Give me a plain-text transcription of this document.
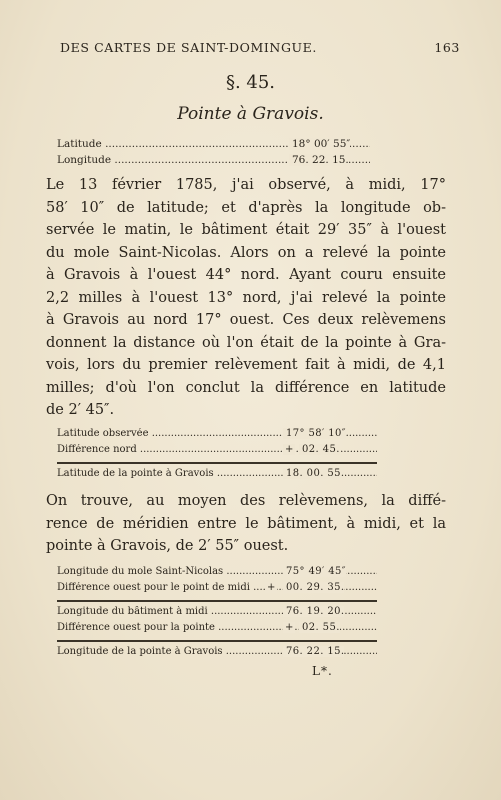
DES CARTES DE SAINT-DOMINGUE.	163
§. 45.
Pointe à Gravois.
Latitude .....	18° 00′ 55″
Longitude .....	76. 22. 15.
Le 13 février 1785, j'ai observé, à midi, 17°
58′ 10″ de latitude; et d'après la longitude ob-
servée le matin, le bâtiment était 29′ 35″ à l'ouest
du mole Saint-Nicolas. Alors on a relevé la pointe
à Gravois à l'ouest 44° nord. Ayant couru ensuite
2,2 milles à l'ouest 13° nord, j'ai relevé la pointe
à Gravois au nord 17° ouest. Ces deux relèvemens
donnent la distance où l'on était de la pointe à Gra-
vois, lors du premier relèvement fait à midi, de 4,1
milles; d'où l'on conclut la différence en latitude
de 2′ 45″.
Latitude observée .....	17° 58′ 10″
Différence nord .....	+ 02. 45.
Latitude de la pointe à Gravois .....	18. 00. 55.
On trouve, au moyen des relèvemens, la diffé-
rence de méridien entre le bâtiment, à midi, et la
pointe à Gravois, de 2′ 55″ ouest.
Longitude du mole Saint-Nicolas .....	75° 49′ 45″
Différence ouest pour le point de midi ..... +	00. 29. 35.
Longitude du bâtiment à midi .....	76. 19. 20.
Différence ouest pour la pointe .....	+ 02. 55.
Longitude de la pointe à Gravois .....	76. 22. 15.
L*.
